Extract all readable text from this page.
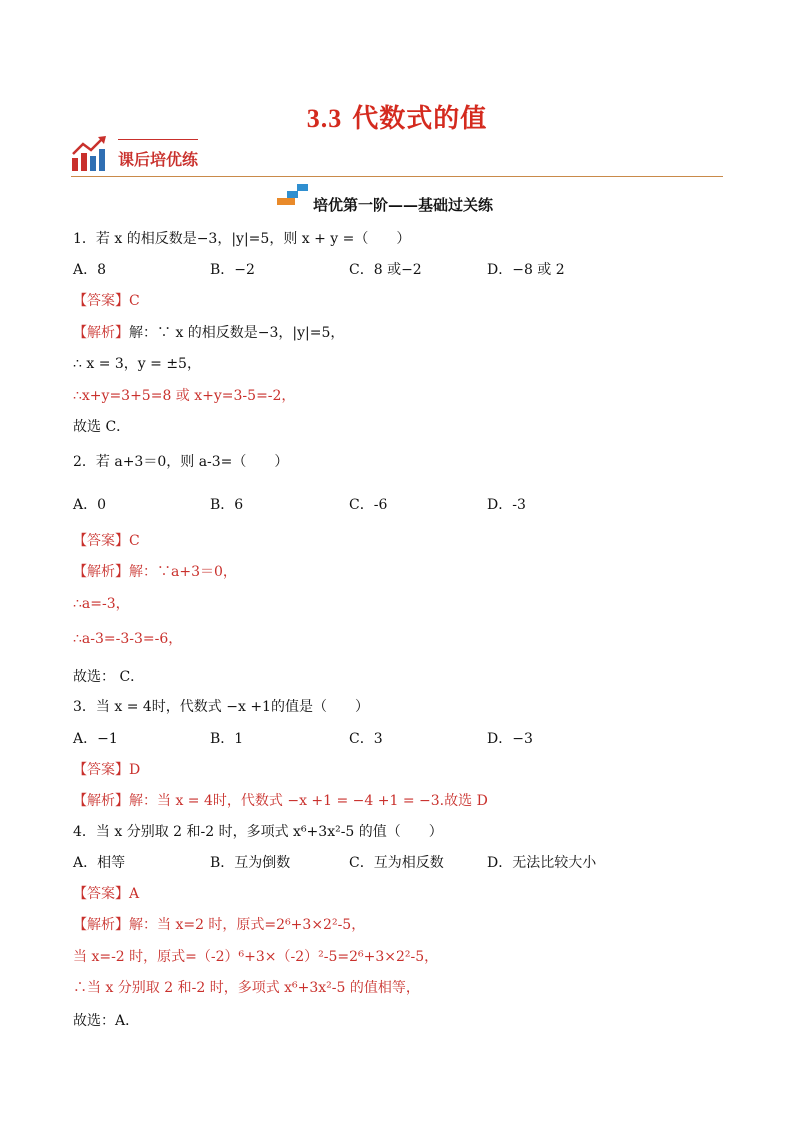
3.3 代数式的值
课后培优练
培优第一阶——基础过关练
1．若 x 的相反数是−3，|y|=5，则 x + y =（　　）
A．8	B．−2	C．8 或−2	D．−8 或 2
【答案】C
【解析】解：∵ x 的相反数是−3，|y|=5，
∴ x = 3，y = ±5，
∴x+y=3+5=8 或 x+y=3-5=-2，
故选 C．
2．若 a+3＝0，则 a-3=（　　）
A．0	B．6	C．-6	D．-3
【答案】C
【解析】解：∵a+3＝0，
∴a=-3，
∴a-3=-3-3=-6，
故选： C．
3．当 x = 4时，代数式 −x +1的值是（　　）
A．−1	B．1	C．3	D．−3
【答案】D
【解析】解：当 x = 4时，代数式 −x +1 = −4 +1 = −3.故选 D
4．当 x 分别取 2 和-2 时，多项式 x⁶+3x²-5 的值（　　）
A．相等	B．互为倒数	C．互为相反数	D．无法比较大小
【答案】A
【解析】解：当 x=2 时，原式=2⁶+3×2²-5，
当 x=-2 时，原式=（-2）⁶+3×（-2）²-5=2⁶+3×2²-5，
∴当 x 分别取 2 和-2 时，多项式 x⁶+3x²-5 的值相等，
故选：A．
